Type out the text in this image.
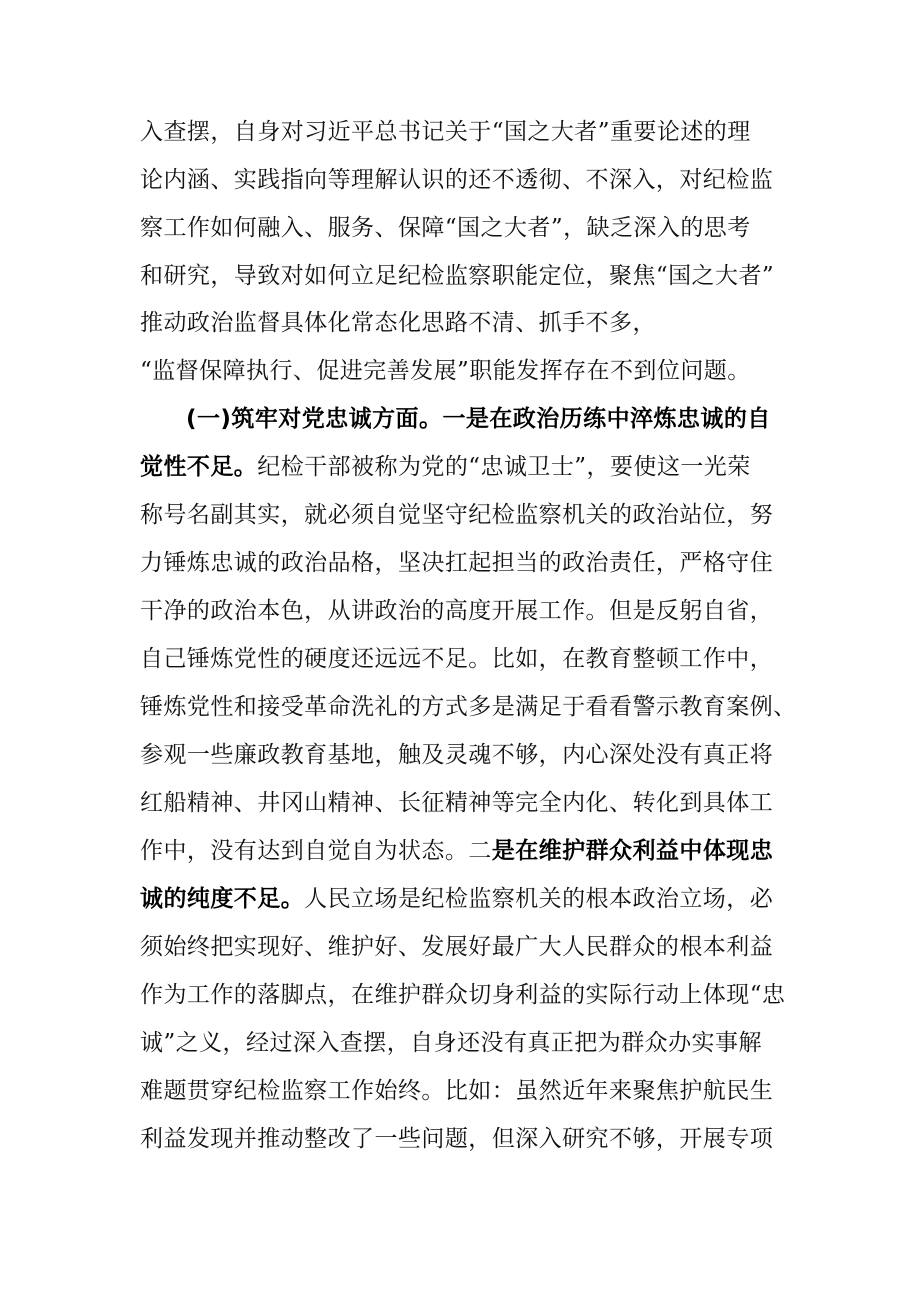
入查摆，自身对习近平总书记关于“国之大者”重要论述的理
论内涵、实践指向等理解认识的还不透彻、不深入，对纪检监
察工作如何融入、服务、保障“国之大者”，缺乏深入的思考
和研究，导致对如何立足纪检监察职能定位，聚焦“国之大者”
推动政治监督具体化常态化思路不清、抓手不多，
“监督保障执行、促进完善发展”职能发挥存在不到位问题。
(一)筑牢对党忠诚方面。一是在政治历练中淬炼忠诚的自
觉性不足。纪检干部被称为党的“忠诚卫士”，要使这一光荣
称号名副其实，就必须自觉坚守纪检监察机关的政治站位，努
力锤炼忠诚的政治品格，坚决扛起担当的政治责任，严格守住
干净的政治本色，从讲政治的高度开展工作。但是反躬自省，
自己锤炼党性的硬度还远远不足。比如，在教育整顿工作中，
锤炼党性和接受革命洗礼的方式多是满足于看看警示教育案例、
参观一些廉政教育基地，触及灵魂不够，内心深处没有真正将
红船精神、井冈山精神、长征精神等完全内化、转化到具体工
作中，没有达到自觉自为状态。二是在维护群众利益中体现忠
诚的纯度不足。人民立场是纪检监察机关的根本政治立场，必
须始终把实现好、维护好、发展好最广大人民群众的根本利益
作为工作的落脚点，在维护群众切身利益的实际行动上体现“忠
诚”之义，经过深入查摆，自身还没有真正把为群众办实事解
难题贯穿纪检监察工作始终。比如：虽然近年来聚焦护航民生
利益发现并推动整改了一些问题，但深入研究不够，开展专项
